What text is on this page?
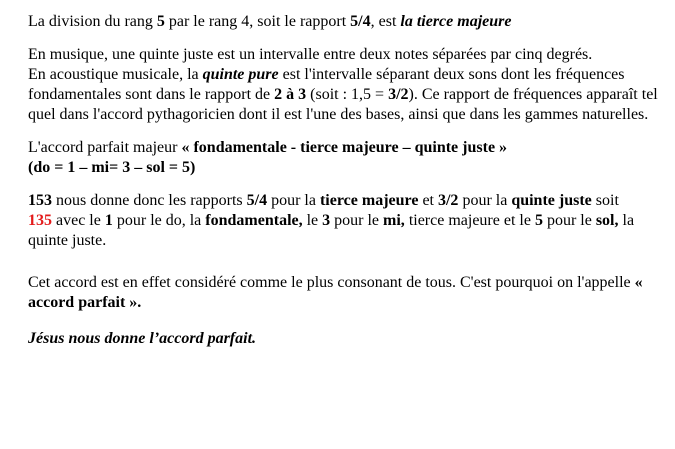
La division du rang 5 par le rang 4, soit le rapport 5/4, est la tierce majeure

En musique, une quinte juste est un intervalle entre deux notes séparées par cinq degrés.
En acoustique musicale, la quinte pure est l'intervalle séparant deux sons dont les fréquences fondamentales sont dans le rapport de 2 à 3 (soit : 1,5 = 3/2). Ce rapport de fréquences apparaît tel quel dans l'accord pythagoricien dont il est l'une des bases, ainsi que dans les gammes naturelles.

L'accord parfait majeur « fondamentale - tierce majeure – quinte juste »
(do = 1 – mi= 3 – sol = 5)

153 nous donne donc les rapports 5/4 pour la tierce majeure et 3/2 pour la quinte juste soit
135 avec le 1 pour le do, la fondamentale, le 3 pour le mi, tierce majeure et le 5 pour le sol, la quinte juste.

Cet accord est en effet considéré comme le plus consonant de tous. C'est pourquoi on l'appelle « accord parfait ».

Jésus nous donne l’accord parfait.
